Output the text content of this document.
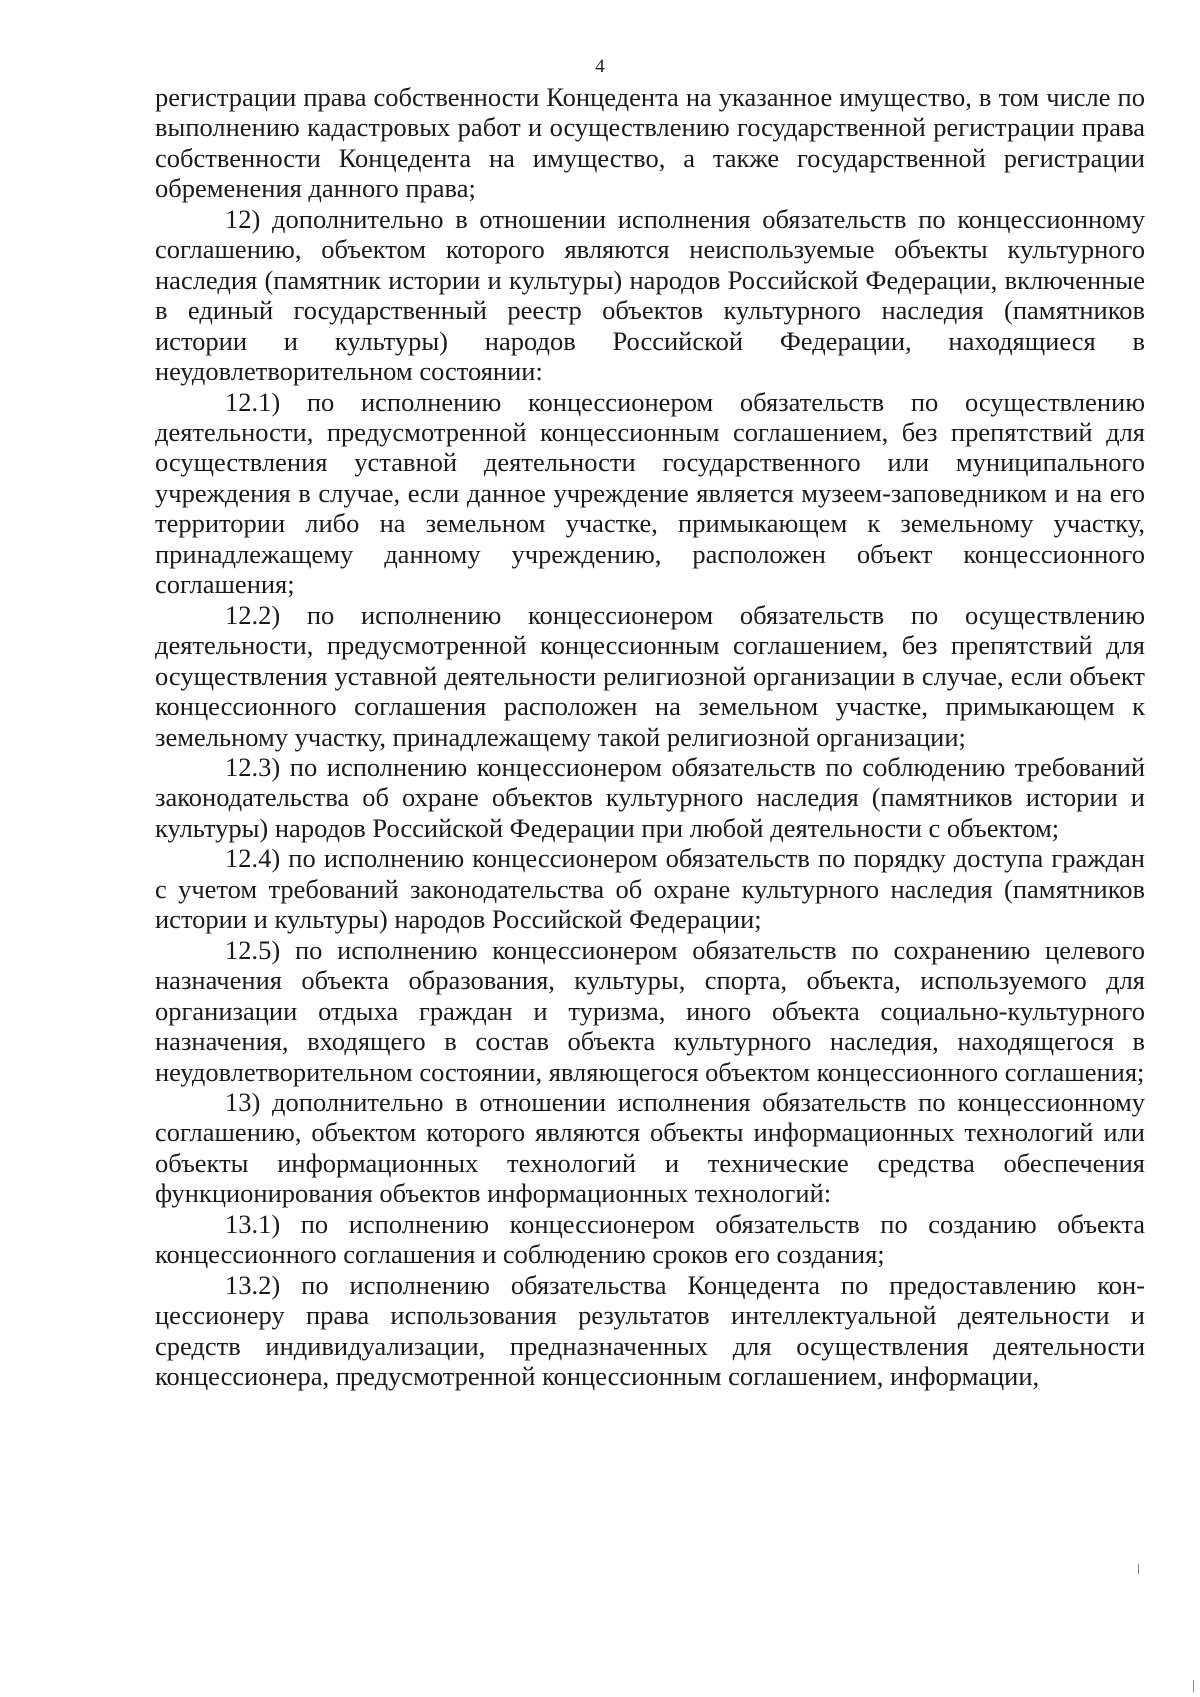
4

регистрации права собственности Концедента на указанное имущество, в том числе по выполнению кадастровых работ и осуществлению государственной регистрации права собственности Концедента на имущество, а также государственной регистрации обременения данного права;

12) дополнительно в отношении исполнения обязательств по концессионному соглашению, объектом которого являются неиспользуемые объекты культурного наследия (памятник истории и культуры) народов Российской Федерации, включенные в единый государственный реестр объектов культурного наследия (памятников истории и культуры) народов Российской Федерации, находящиеся в неудовлетворительном состоянии:

12.1) по исполнению концессионером обязательств по осуществлению деятельности, предусмотренной концессионным соглашением, без препятствий для осуществления уставной деятельности государственного или муниципального учреждения в случае, если данное учреждение является музеем-заповедником и на его территории либо на земельном участке, примыкающем к земельному участку, принадлежащему данному учреждению, расположен объект концессионного соглашения;

12.2) по исполнению концессионером обязательств по осуществлению деятельности, предусмотренной концессионным соглашением, без препятствий для осуществления уставной деятельности религиозной организации в случае, если объект концессионного соглашения расположен на земельном участке, примыкающем к земельному участку, принадлежащему такой религиозной организации;

12.3) по исполнению концессионером обязательств по соблюдению требований законодательства об охране объектов культурного наследия (памятников истории и культуры) народов Российской Федерации при любой деятельности с объектом;

12.4) по исполнению концессионером обязательств по порядку доступа граждан с учетом требований законодательства об охране культурного наследия (памятников истории и культуры) народов Российской Федерации;

12.5) по исполнению концессионером обязательств по сохранению целевого назначения объекта образования, культуры, спорта, объекта, используемого для организации отдыха граждан и туризма, иного объекта социально-культурного назначения, входящего в состав объекта культурного наследия, находящегося в неудовлетворительном состоянии, являющегося объектом концессионного соглашения;

13) дополнительно в отношении исполнения обязательств по концессионному соглашению, объектом которого являются объекты информационных технологий или объекты информационных технологий и технические средства обеспечения функционирования объектов информационных технологий:

13.1) по исполнению концессионером обязательств по созданию объекта концессионного соглашения и соблюдению сроков его создания;

13.2) по исполнению обязательства Концедента по предоставлению концессионеру права использования результатов интеллектуальной деятельности и средств индивидуализации, предназначенных для осуществления деятельности концессионера, предусмотренной концессионным соглашением, информации,
